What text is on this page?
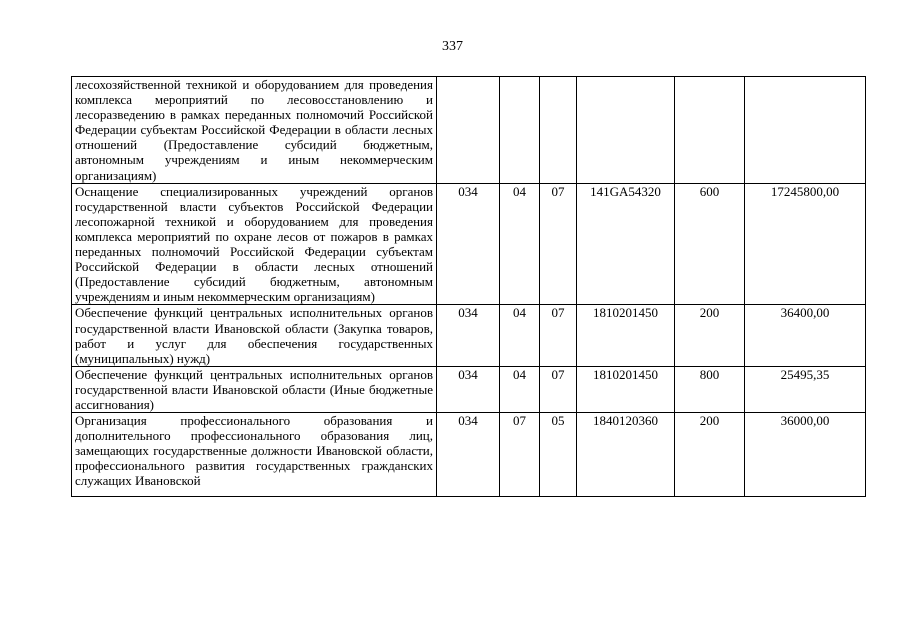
337
лесохозяйственной техникой и оборудованием для проведения комплекса мероприятий по лесовосстановлению и лесоразведению в рамках переданных полномочий Российской Федерации субъектам Российской Федерации в области лесных отношений (Предоставление субсидий бюджетным, автономным учреждениям и иным некоммерческим организациям)						
Оснащение специализированных учреждений органов государственной власти субъектов Российской Федерации лесопожарной техникой и оборудованием для проведения комплекса мероприятий по охране лесов от пожаров в рамках переданных полномочий Российской Федерации субъектам Российской Федерации в области лесных отношений (Предоставление субсидий бюджетным, автономным учреждениям и иным некоммерческим организациям)	034	04	07	141GA54320	600	17245800,00
Обеспечение функций центральных исполнительных органов государственной власти Ивановской области (Закупка товаров, работ и услуг для обеспечения государственных (муниципальных) нужд)	034	04	07	1810201450	200	36400,00
Обеспечение функций центральных исполнительных органов государственной власти Ивановской области (Иные бюджетные ассигнования)	034	04	07	1810201450	800	25495,35

Организация профессионального образования и дополнительного профессионального образования лиц, замещающих государственные должности Ивановской области, профессионального развития государственных гражданских служащих Ивановской	034	07	05	1840120360	200	36000,00
